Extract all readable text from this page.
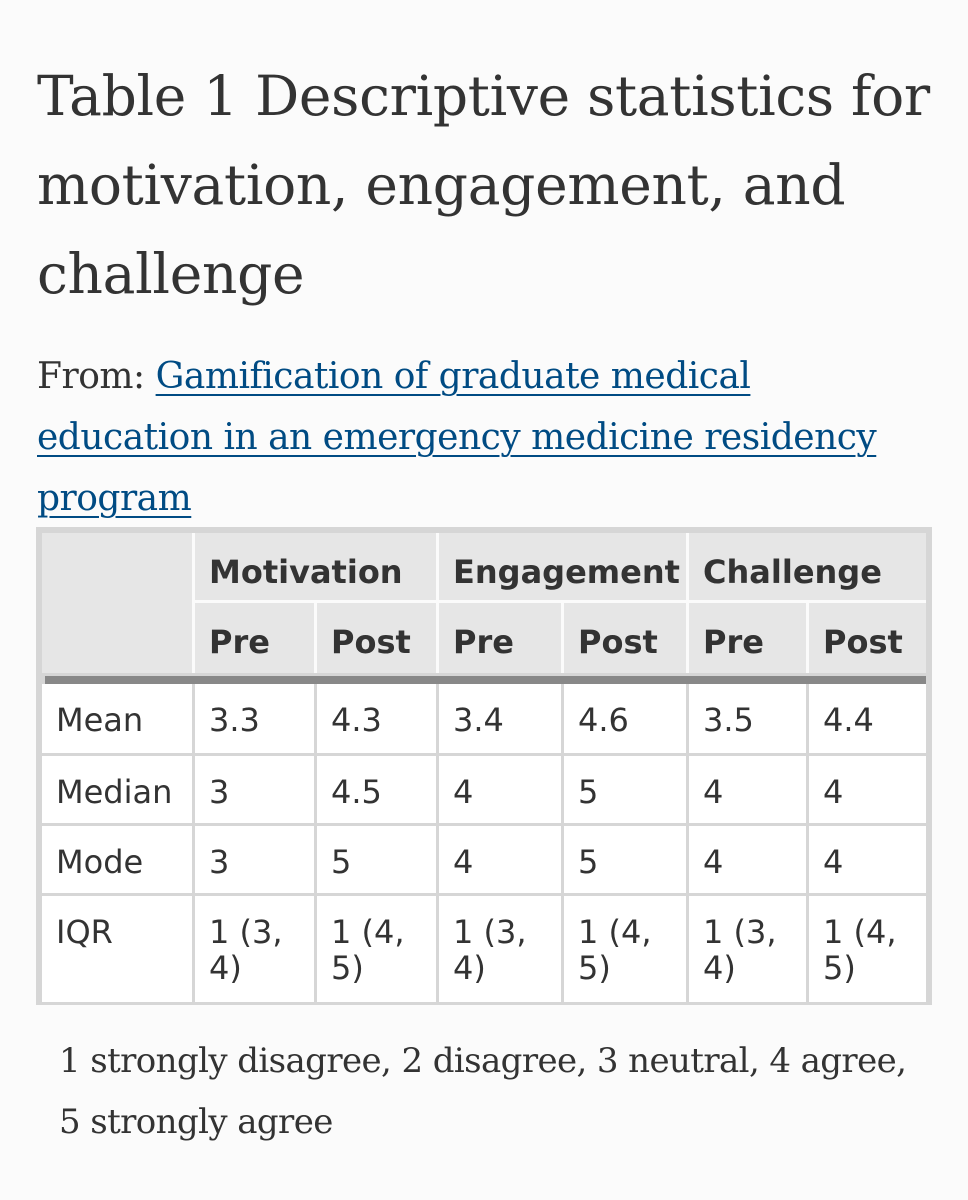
Table 1 Descriptive statistics for motivation, engagement, and challenge

From: Gamification of graduate medical education in an emergency medicine residency program

	Motivation		Engagement		Challenge	
	Pre	Post	Pre	Post	Pre	Post

Mean	3.3	4.3	3.4	4.6	3.5	4.4
Median	3	4.5	4	5	4	4
Mode	3	5	4	5	4	4
IQR	1 (3, 4)	1 (4, 5)	1 (3, 4)	1 (4, 5)	1 (3, 4)	1 (4, 5)

1 strongly disagree, 2 disagree, 3 neutral, 4 agree, 5 strongly agree
